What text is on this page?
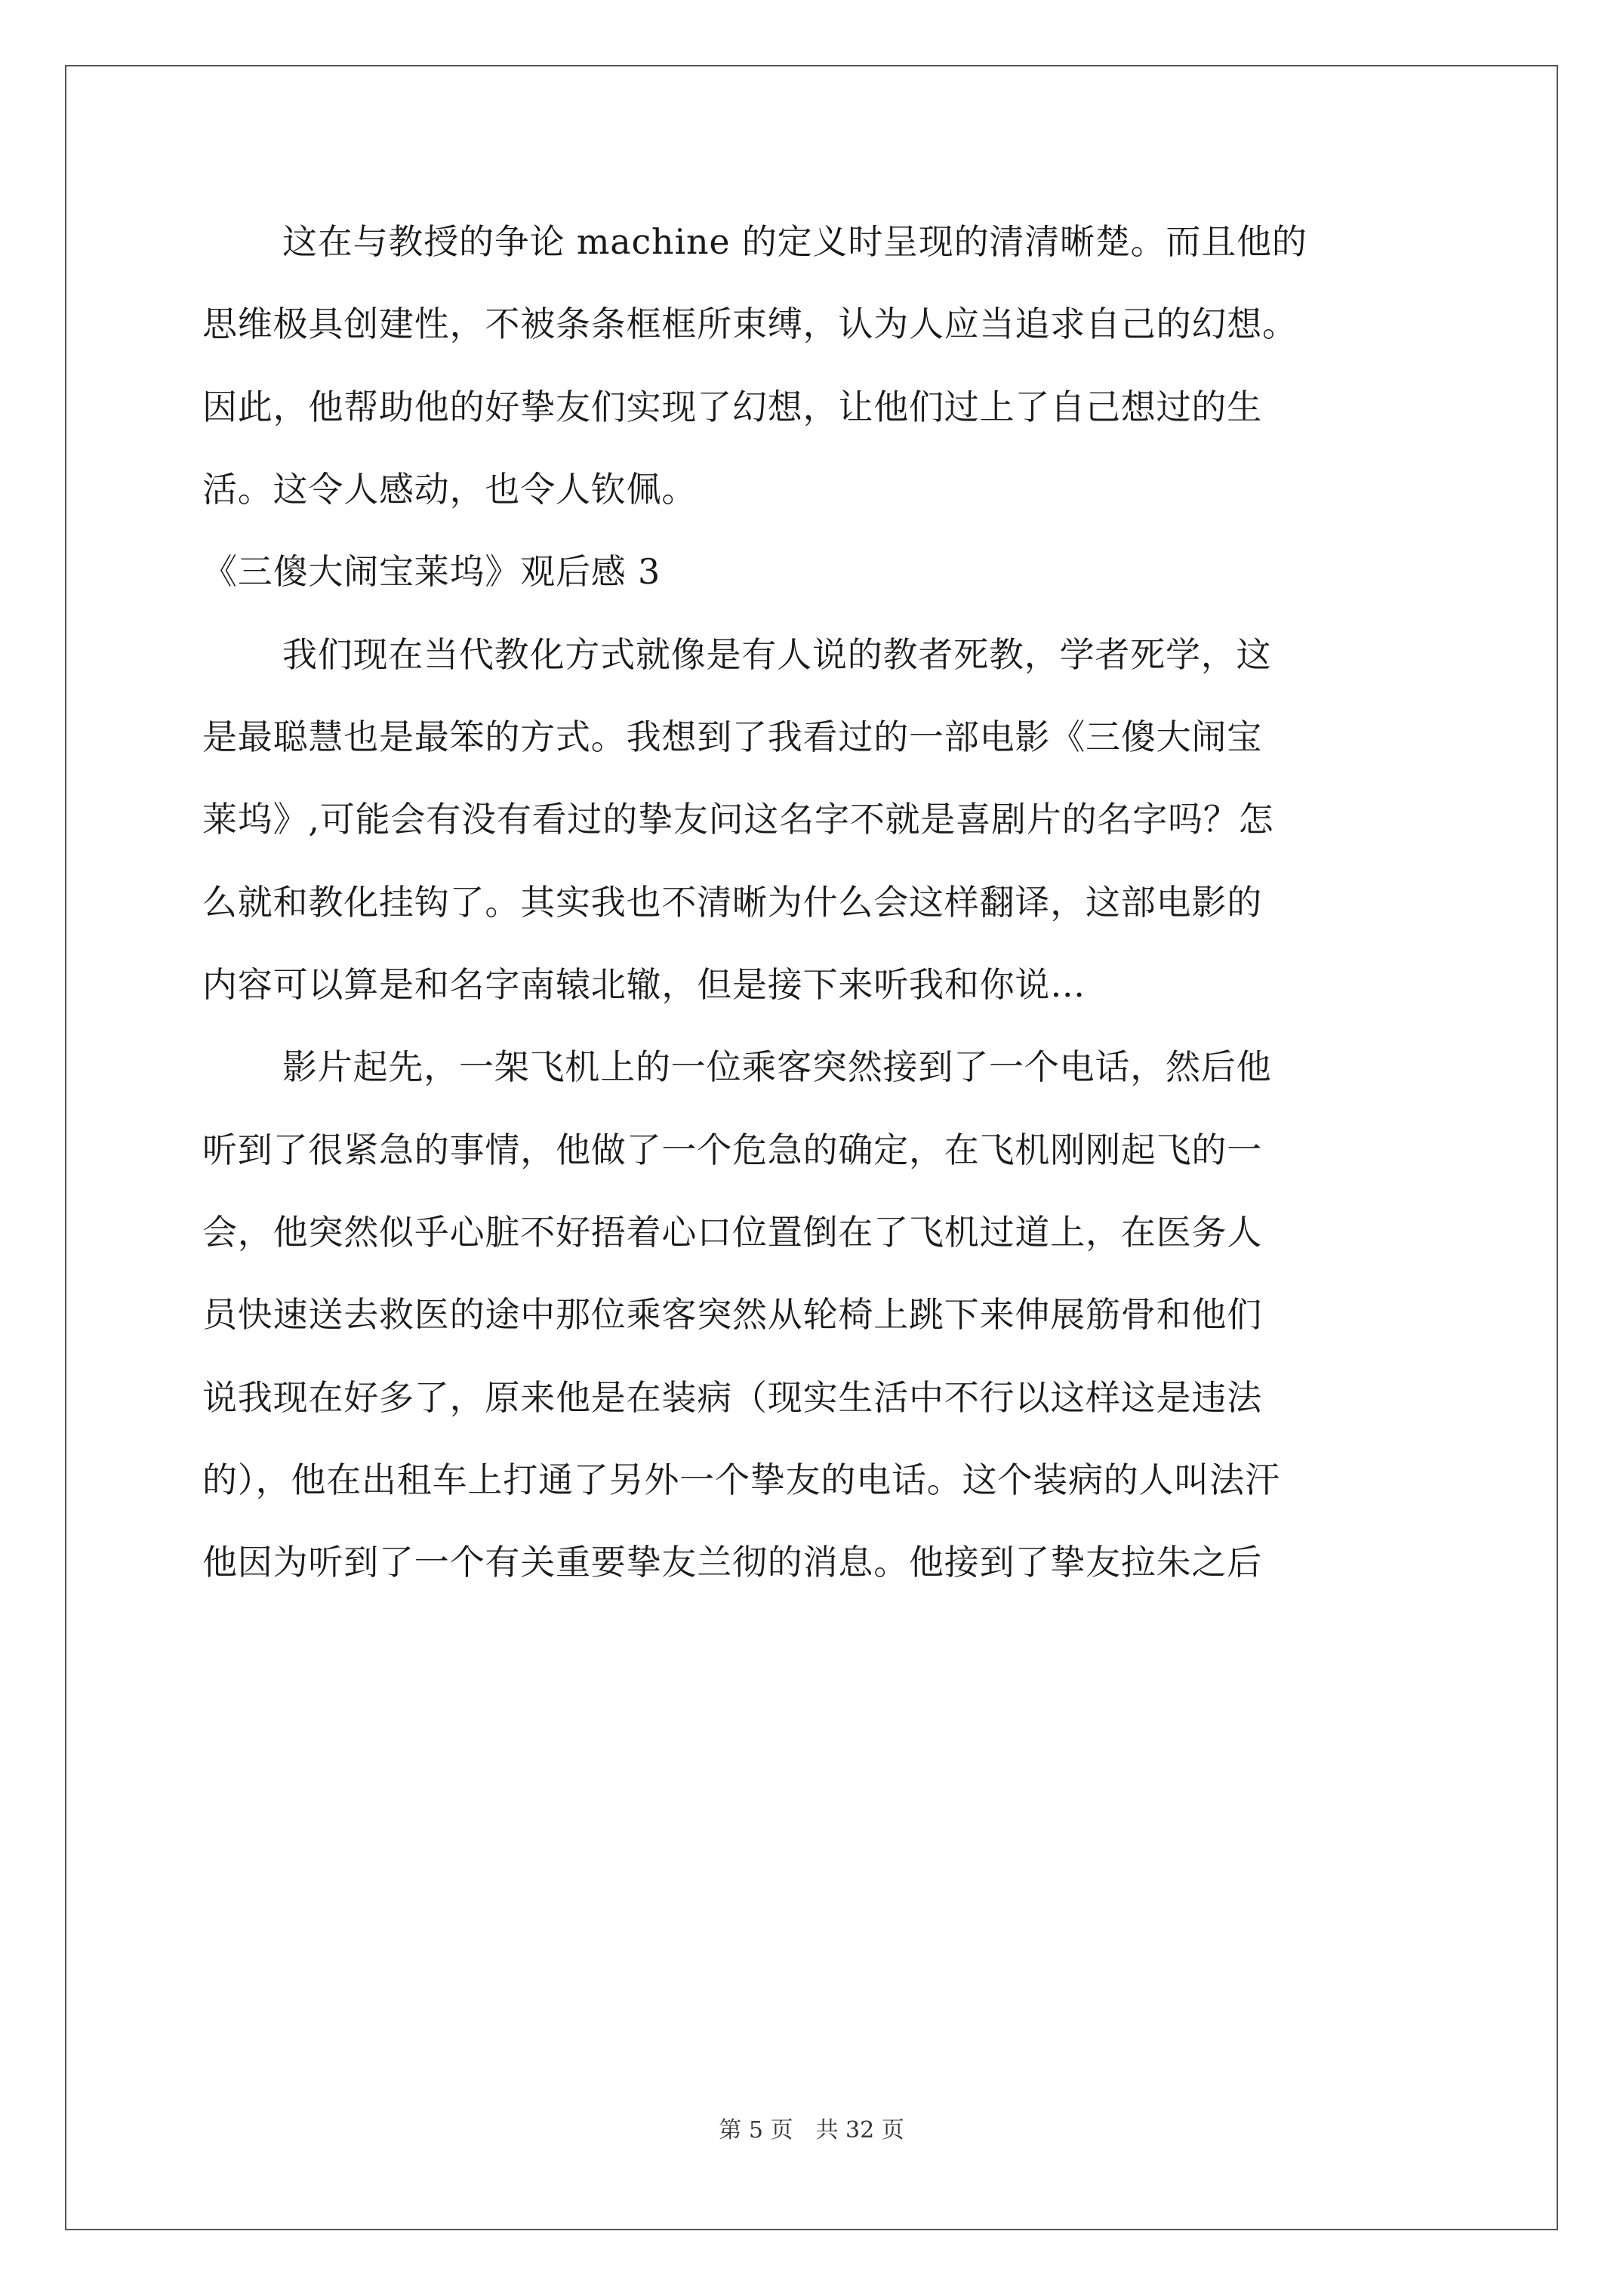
这在与教授的争论 machine 的定义时呈现的清清晰楚。而且他的
思维极具创建性，不被条条框框所束缚，认为人应当追求自己的幻想。
因此，他帮助他的好挚友们实现了幻想，让他们过上了自己想过的生
活。这令人感动，也令人钦佩。
《三傻大闹宝莱坞》观后感 3
我们现在当代教化方式就像是有人说的教者死教，学者死学，这
是最聪慧也是最笨的方式。我想到了我看过的一部电影《三傻大闹宝
莱坞》,可能会有没有看过的挚友问这名字不就是喜剧片的名字吗？怎
么就和教化挂钩了。其实我也不清晰为什么会这样翻译，这部电影的
内容可以算是和名字南辕北辙，但是接下来听我和你说…
影片起先，一架飞机上的一位乘客突然接到了一个电话，然后他
听到了很紧急的事情，他做了一个危急的确定，在飞机刚刚起飞的一
会，他突然似乎心脏不好捂着心口位置倒在了飞机过道上，在医务人
员快速送去救医的途中那位乘客突然从轮椅上跳下来伸展筋骨和他们
说我现在好多了，原来他是在装病（现实生活中不行以这样这是违法
的），他在出租车上打通了另外一个挚友的电话。这个装病的人叫法汗
他因为听到了一个有关重要挚友兰彻的消息。他接到了挚友拉朱之后
第 5 页　共 32 页
